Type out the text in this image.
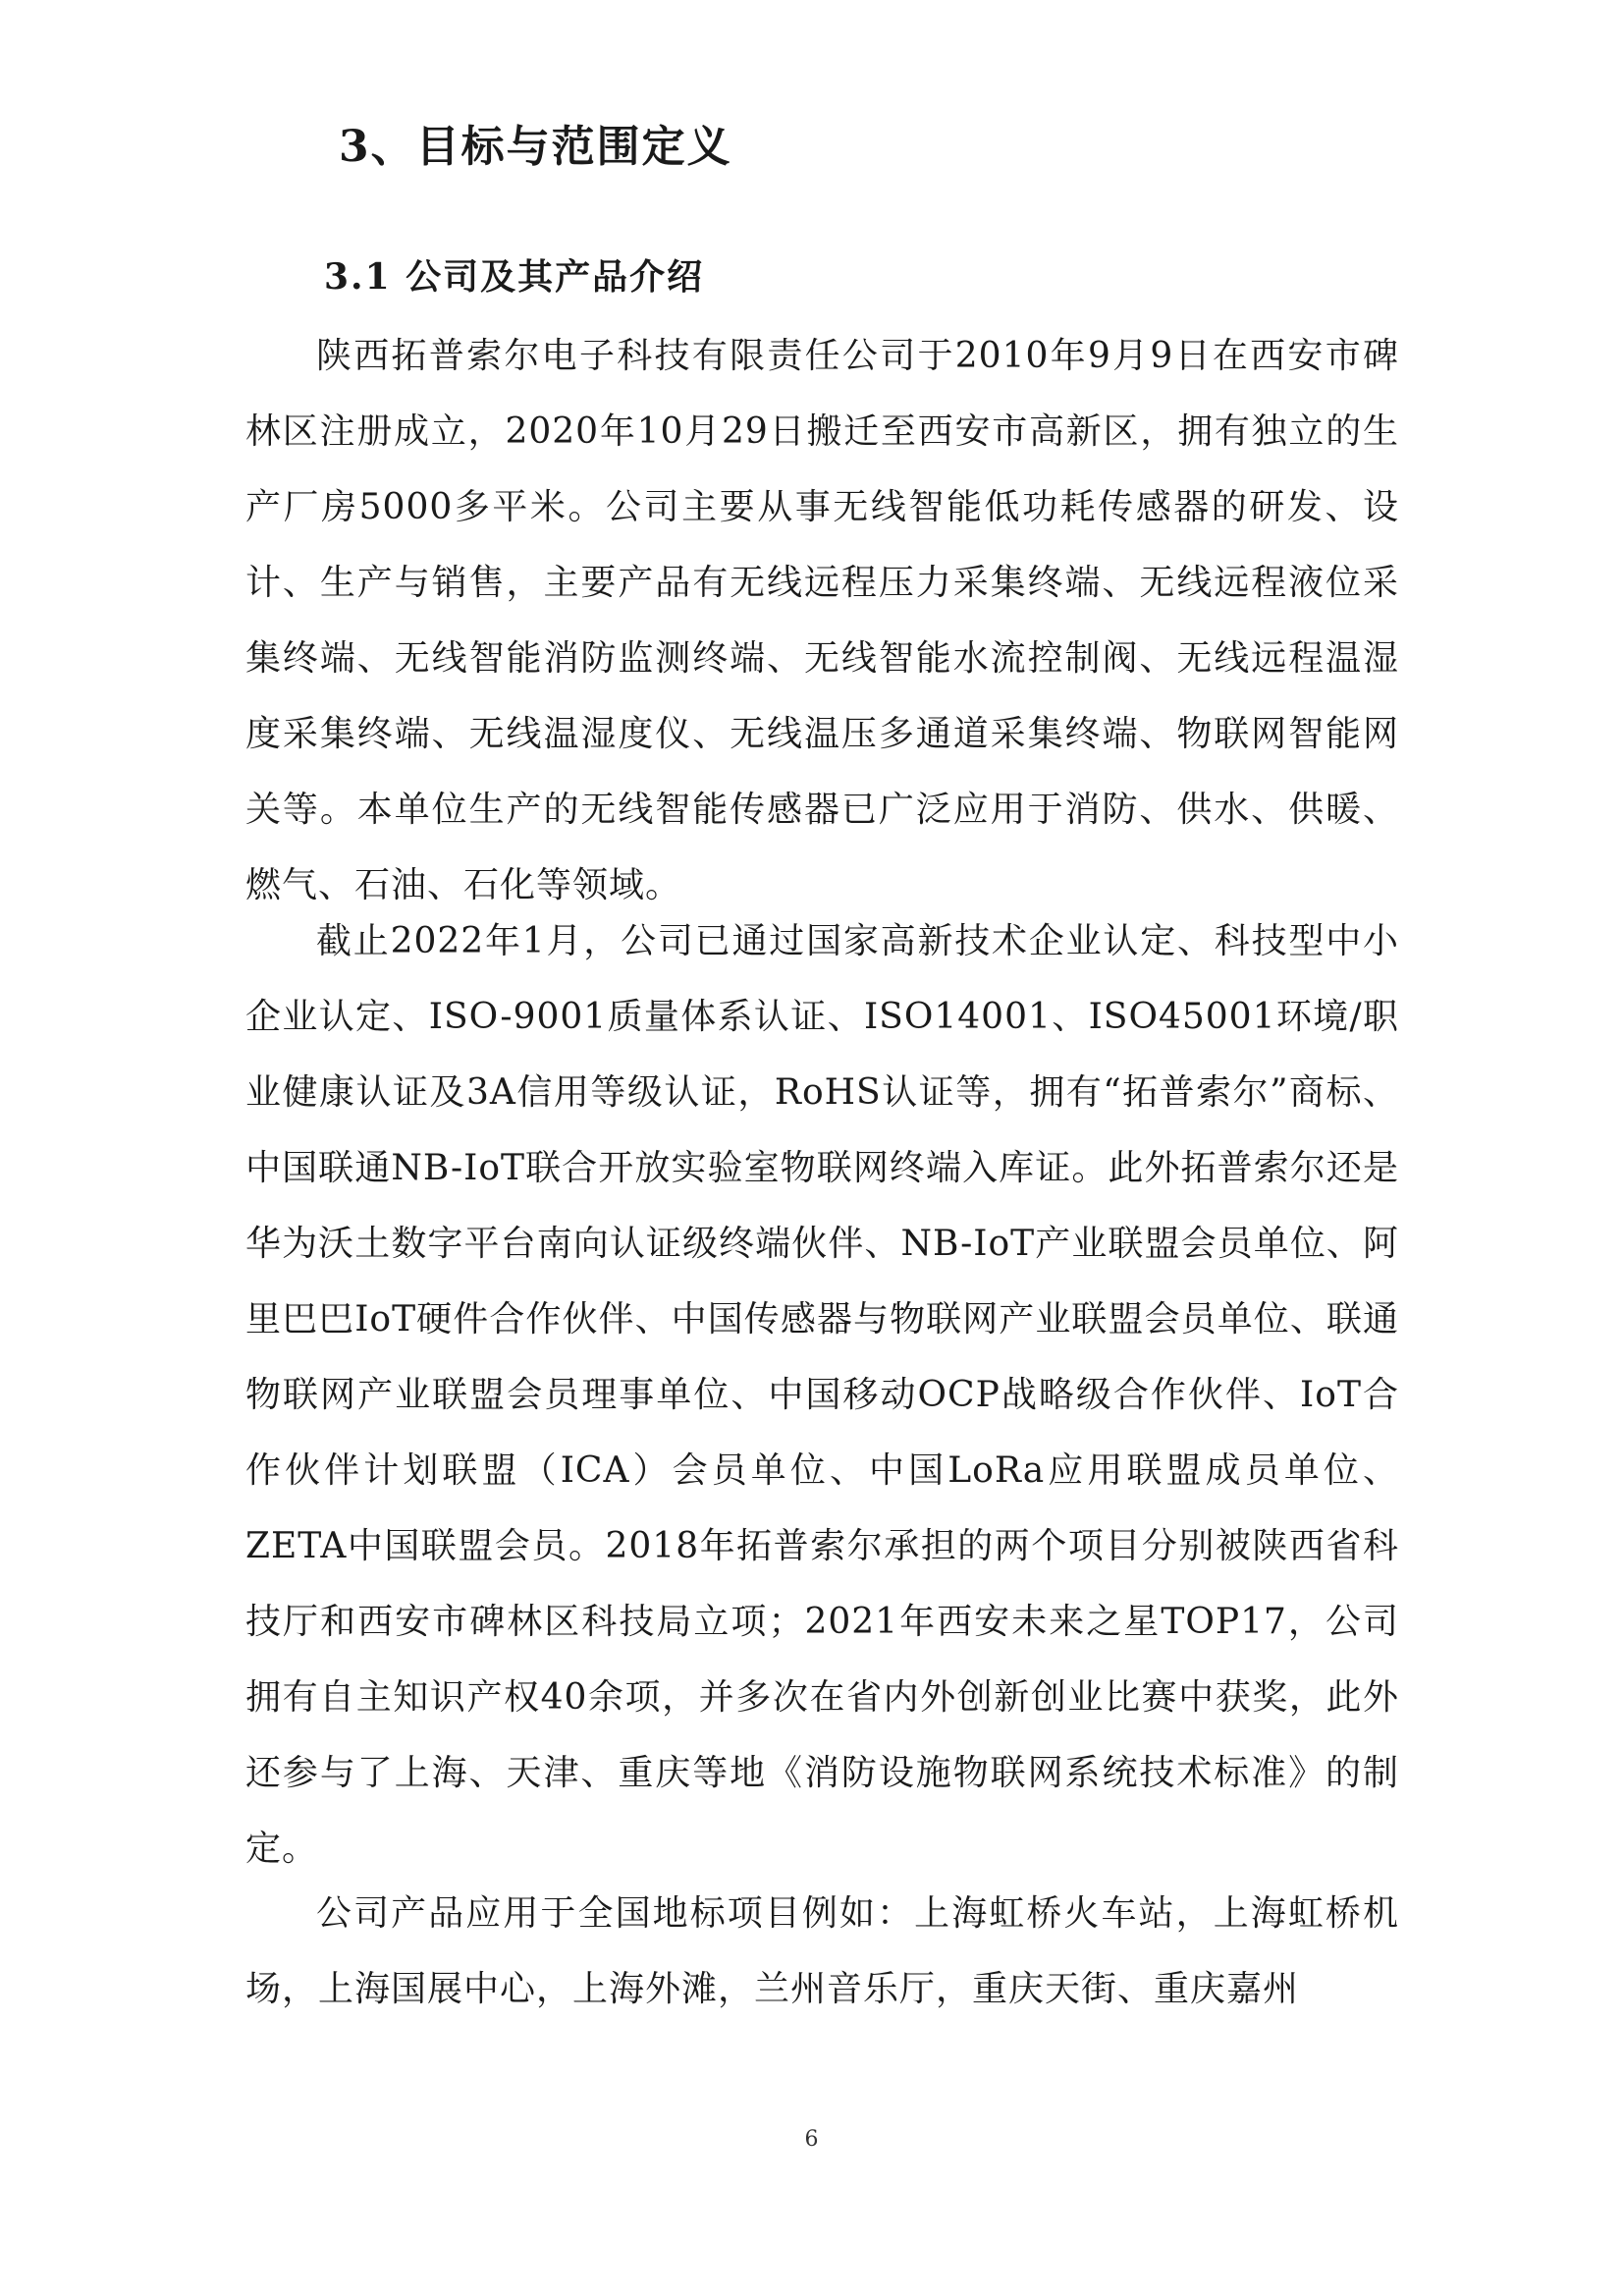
3、目标与范围定义
3.1 公司及其产品介绍

陕西拓普索尔电子科技有限责任公司于2010年9月9日在西安市碑林区注册成立，2020年10月29日搬迁至西安市高新区，拥有独立的生产厂房5000多平米。公司主要从事无线智能低功耗传感器的研发、设计、生产与销售，主要产品有无线远程压力采集终端、无线远程液位采集终端、无线智能消防监测终端、无线智能水流控制阀、无线远程温湿度采集终端、无线温湿度仪、无线温压多通道采集终端、物联网智能网关等。本单位生产的无线智能传感器已广泛应用于消防、供水、供暖、燃气、石油、石化等领域。

截止2022年1月，公司已通过国家高新技术企业认定、科技型中小企业认定、ISO-9001质量体系认证、ISO14001、ISO45001环境/职业健康认证及3A信用等级认证，RoHS认证等，拥有“拓普索尔”商标、中国联通NB-IoT联合开放实验室物联网终端入库证。此外拓普索尔还是华为沃土数字平台南向认证级终端伙伴、NB-IoT产业联盟会员单位、阿里巴巴IoT硬件合作伙伴、中国传感器与物联网产业联盟会员单位、联通物联网产业联盟会员理事单位、中国移动OCP战略级合作伙伴、IoT合作伙伴计划联盟（ICA）会员单位、中国LoRa应用联盟成员单位、ZETA中国联盟会员。2018年拓普索尔承担的两个项目分别被陕西省科技厅和西安市碑林区科技局立项；2021年西安未来之星TOP17，公司拥有自主知识产权40余项，并多次在省内外创新创业比赛中获奖，此外还参与了上海、天津、重庆等地《消防设施物联网系统技术标准》的制定。

公司产品应用于全国地标项目例如：上海虹桥火车站，上海虹桥机场，上海国展中心，上海外滩，兰州音乐厅，重庆天街、重庆嘉州

6
